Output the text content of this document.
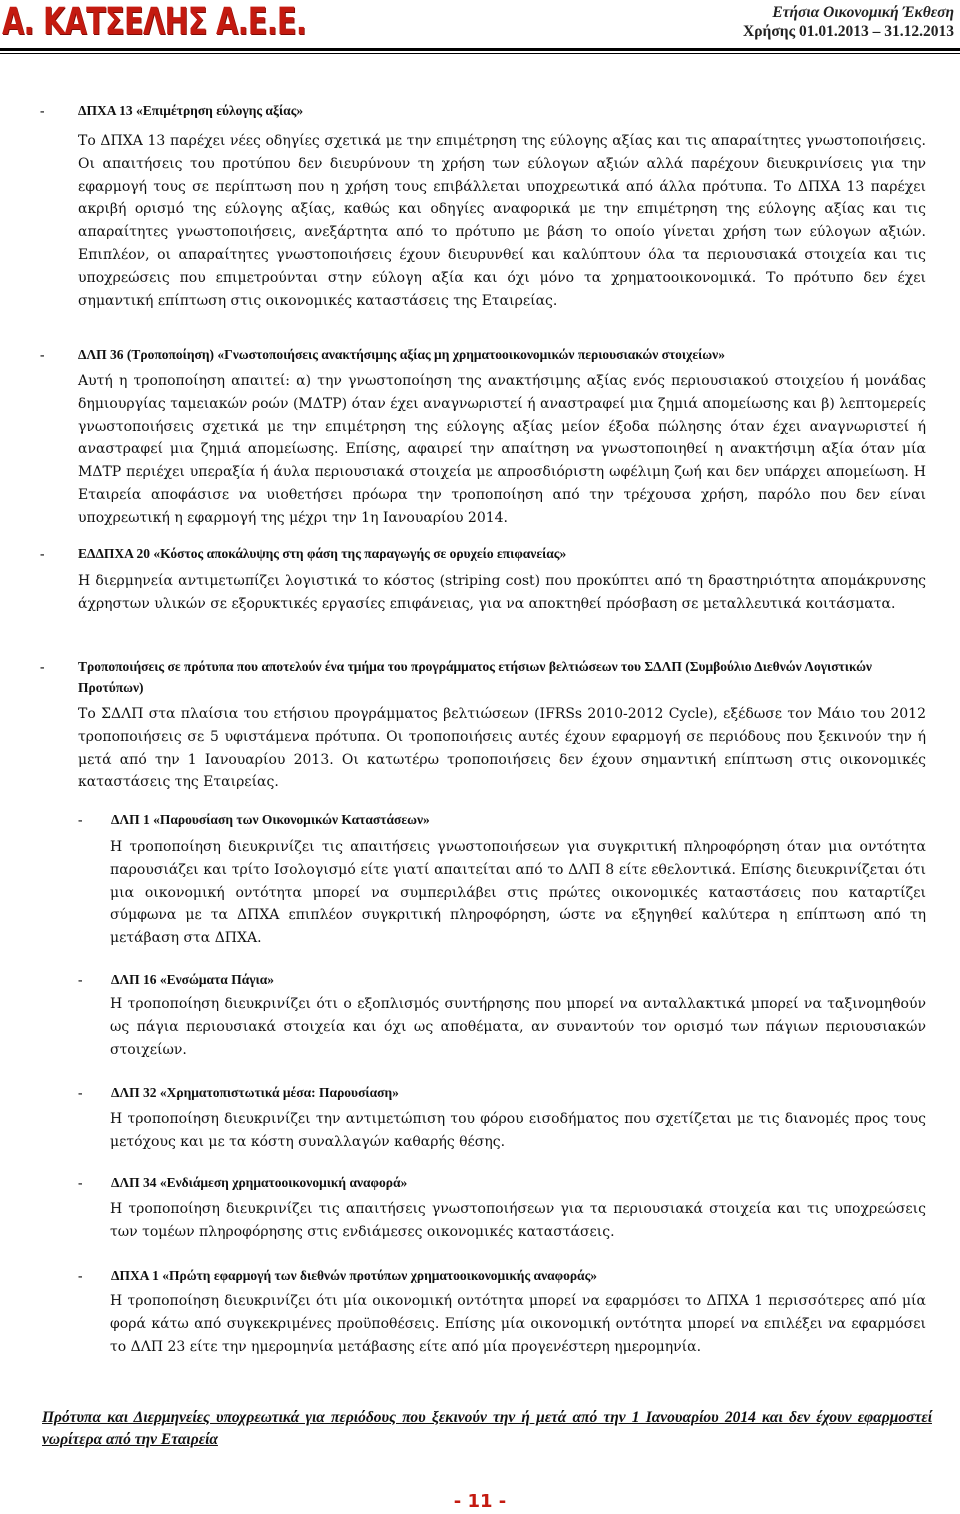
Α. ΚΑΤΣΕΛΗΣ Α.Ε.Ε.	Ετήσια Οικονομική Έκθεση
Χρήσης 01.01.2013 – 31.12.2013
- ΔΠΧΑ 13 «Επιμέτρηση εύλογης αξίας»

Το ΔΠΧΑ 13 παρέχει νέες οδηγίες σχετικά με την επιμέτρηση της εύλογης αξίας και τις απαραίτητες γνωστοποιήσεις. Οι απαιτήσεις του προτύπου δεν διευρύνουν τη χρήση των εύλογων αξιών αλλά παρέχουν διευκρινίσεις για την εφαρμογή τους σε περίπτωση που η χρήση τους επιβάλλεται υποχρεωτικά από άλλα πρότυπα. Το ΔΠΧΑ 13 παρέχει ακριβή ορισμό της εύλογης αξίας, καθώς και οδηγίες αναφορικά με την επιμέτρηση της εύλογης αξίας και τις απαραίτητες γνωστοποιήσεις, ανεξάρτητα από το πρότυπο με βάση το οποίο γίνεται χρήση των εύλογων αξιών. Επιπλέον, οι απαραίτητες γνωστοποιήσεις έχουν διευρυνθεί και καλύπτουν όλα τα περιουσιακά στοιχεία και τις υποχρεώσεις που επιμετρούνται στην εύλογη αξία και όχι μόνο τα χρηματοοικονομικά. Το πρότυπο δεν έχει σημαντική επίπτωση στις οικονομικές καταστάσεις της Εταιρείας.

- ΔΛΠ 36 (Τροποποίηση) «Γνωστοποιήσεις ανακτήσιμης αξίας μη χρηματοοικονομικών περιουσιακών στοιχείων»

Αυτή η τροποποίηση απαιτεί: α) την γνωστοποίηση της ανακτήσιμης αξίας ενός περιουσιακού στοιχείου ή μονάδας δημιουργίας ταμειακών ροών (ΜΔΤΡ) όταν έχει αναγνωριστεί ή αναστραφεί μια ζημιά απομείωσης και β) λεπτομερείς γνωστοποιήσεις σχετικά με την επιμέτρηση της εύλογης αξίας μείον έξοδα πώλησης όταν έχει αναγνωριστεί ή αναστραφεί μια ζημιά απομείωσης. Επίσης, αφαιρεί την απαίτηση να γνωστοποιηθεί η ανακτήσιμη αξία όταν μία ΜΔΤΡ περιέχει υπεραξία ή άυλα περιουσιακά στοιχεία με απροσδιόριστη ωφέλιμη ζωή και δεν υπάρχει απομείωση. Η Εταιρεία αποφάσισε να υιοθετήσει πρόωρα την τροποποίηση από την τρέχουσα χρήση, παρόλο που δεν είναι υποχρεωτική η εφαρμογή της μέχρι την 1η Ιανουαρίου 2014.

- ΕΔΔΠΧΑ 20 «Κόστος αποκάλυψης στη φάση της παραγωγής σε ορυχείο επιφανείας»

Η διερμηνεία αντιμετωπίζει λογιστικά το κόστος (striping cost) που προκύπτει από τη δραστηριότητα απομάκρυνσης άχρηστων υλικών σε εξορυκτικές εργασίες επιφάνειας, για να αποκτηθεί πρόσβαση σε μεταλλευτικά κοιτάσματα.

- Τροποποιήσεις σε πρότυπα που αποτελούν ένα τμήμα του προγράμματος ετήσιων βελτιώσεων του ΣΔΛΠ (Συμβούλιο Διεθνών Λογιστικών Προτύπων)

Το ΣΔΛΠ στα πλαίσια του ετήσιου προγράμματος βελτιώσεων (IFRSs 2010-2012 Cycle), εξέδωσε τον Μάιο του 2012 τροποποιήσεις σε 5 υφιστάμενα πρότυπα. Οι τροποποιήσεις αυτές έχουν εφαρμογή σε περιόδους που ξεκινούν την ή μετά από την 1 Ιανουαρίου 2013. Οι κατωτέρω τροποποιήσεις δεν έχουν σημαντική επίπτωση στις οικονομικές καταστάσεις της Εταιρείας.

- ΔΛΠ 1 «Παρουσίαση των Οικονομικών Καταστάσεων»

Η τροποποίηση διευκρινίζει τις απαιτήσεις γνωστοποιήσεων για συγκριτική πληροφόρηση όταν μια οντότητα παρουσιάζει και τρίτο Ισολογισμό είτε γιατί απαιτείται από το ΔΛΠ 8 είτε εθελοντικά. Επίσης διευκρινίζεται ότι μια οικονομική οντότητα μπορεί να συμπεριλάβει στις πρώτες οικονομικές καταστάσεις που καταρτίζει σύμφωνα με τα ΔΠΧΑ επιπλέον συγκριτική πληροφόρηση, ώστε να εξηγηθεί καλύτερα η επίπτωση από τη μετάβαση στα ΔΠΧΑ.

- ΔΛΠ 16 «Ενσώματα Πάγια»

Η τροποποίηση διευκρινίζει ότι ο εξοπλισμός συντήρησης που μπορεί να ανταλλακτικά μπορεί να ταξινομηθούν ως πάγια περιουσιακά στοιχεία και όχι ως αποθέματα, αν συναντούν τον ορισμό των πάγιων περιουσιακών στοιχείων.

- ΔΛΠ 32 «Χρηματοπιστωτικά μέσα: Παρουσίαση»

Η τροποποίηση διευκρινίζει την αντιμετώπιση του φόρου εισοδήματος που σχετίζεται με τις διανομές προς τους μετόχους και με τα κόστη συναλλαγών καθαρής θέσης.

- ΔΛΠ 34 «Ενδιάμεση χρηματοοικονομική αναφορά»

Η τροποποίηση διευκρινίζει τις απαιτήσεις γνωστοποιήσεων για τα περιουσιακά στοιχεία και τις υποχρεώσεις των τομέων πληροφόρησης στις ενδιάμεσες οικονομικές καταστάσεις.

- ΔΠΧΑ 1 «Πρώτη εφαρμογή των διεθνών προτύπων χρηματοοικονομικής αναφοράς»

Η τροποποίηση διευκρινίζει ότι μία οικονομική οντότητα μπορεί να εφαρμόσει το ΔΠΧΑ 1 περισσότερες από μία φορά κάτω από συγκεκριμένες προϋποθέσεις. Επίσης μία οικονομική οντότητα μπορεί να επιλέξει να εφαρμόσει το ΔΛΠ 23 είτε την ημερομηνία μετάβασης είτε από μία προγενέστερη ημερομηνία.

Πρότυπα και Διερμηνείες υποχρεωτικά για περιόδους που ξεκινούν την ή μετά από την 1 Ιανουαρίου 2014 και δεν έχουν εφαρμοστεί νωρίτερα από την Εταιρεία
- 11 -
